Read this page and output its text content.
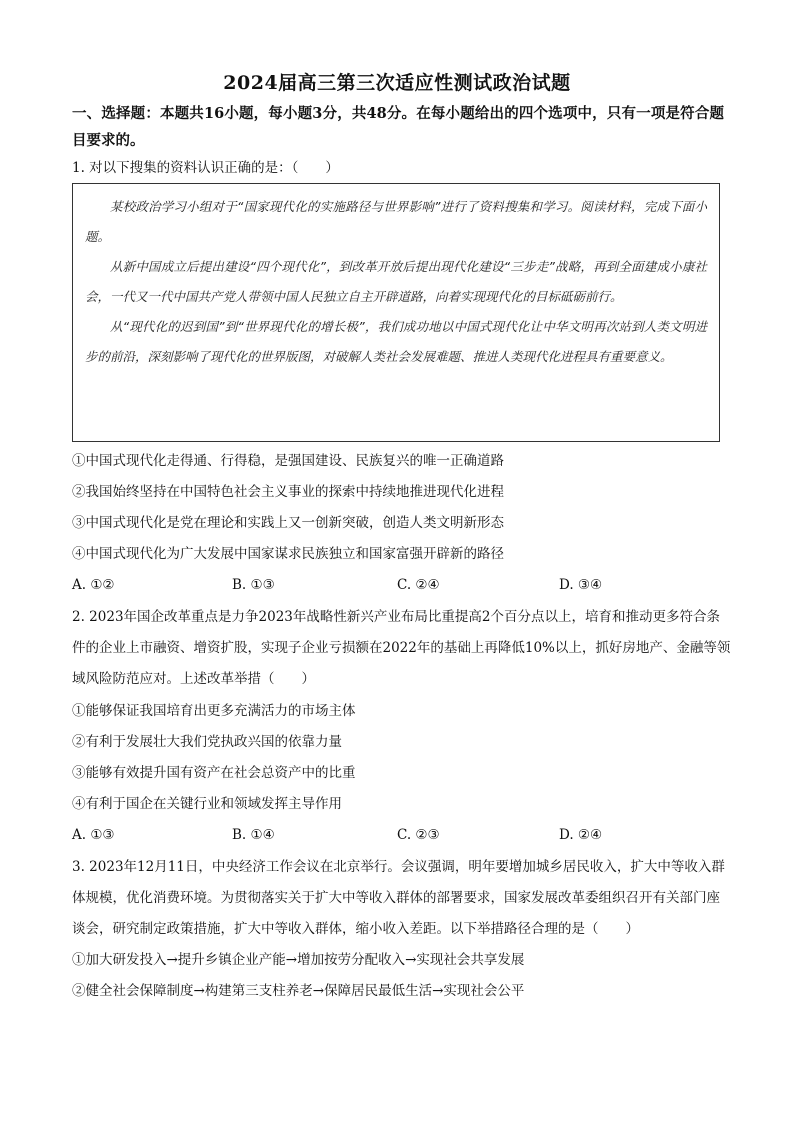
2024届高三第三次适应性测试政治试题
一、选择题：本题共16小题，每小题3分，共48分。在每小题给出的四个选项中，只有一项是符合题目要求的。
1. 对以下搜集的资料认识正确的是：（　　）

某校政治学习小组对于“国家现代化的实施路径与世界影响”进行了资料搜集和学习。阅读材料，完成下面小题。

从新中国成立后提出建设“四个现代化”，到改革开放后提出现代化建设“三步走”战略，再到全面建成小康社会，一代又一代中国共产党人带领中国人民独立自主开辟道路，向着实现现代化的目标砥砺前行。

从“现代化的迟到国”到“世界现代化的增长极”，我们成功地以中国式现代化让中华文明再次站到人类文明进步的前沿，深刻影响了现代化的世界版图，对破解人类社会发展难题、推进人类现代化进程具有重要意义。

①中国式现代化走得通、行得稳，是强国建设、民族复兴的唯一正确道路
②我国始终坚持在中国特色社会主义事业的探索中持续地推进现代化进程
③中国式现代化是党在理论和实践上又一创新突破，创造人类文明新形态
④中国式现代化为广大发展中国家谋求民族独立和国家富强开辟新的路径
A. ①②	B. ①③	C. ②④	D. ③④
2. 2023年国企改革重点是力争2023年战略性新兴产业布局比重提高2个百分点以上，培育和推动更多符合条件的企业上市融资、增资扩股，实现子企业亏损额在2022年的基础上再降低10%以上，抓好房地产、金融等领域风险防范应对。上述改革举措（　　）
①能够保证我国培育出更多充满活力的市场主体
②有利于发展壮大我们党执政兴国的依靠力量
③能够有效提升国有资产在社会总资产中的比重
④有利于国企在关键行业和领域发挥主导作用
A. ①③	B. ①④	C. ②③	D. ②④
3. 2023年12月11日，中央经济工作会议在北京举行。会议强调，明年要增加城乡居民收入，扩大中等收入群体规模，优化消费环境。为贯彻落实关于扩大中等收入群体的部署要求，国家发展改革委组织召开有关部门座谈会，研究制定政策措施，扩大中等收入群体，缩小收入差距。以下举措路径合理的是（　　）
①加大研发投入→提升乡镇企业产能→增加按劳分配收入→实现社会共享发展
②健全社会保障制度→构建第三支柱养老→保障居民最低生活→实现社会公平
